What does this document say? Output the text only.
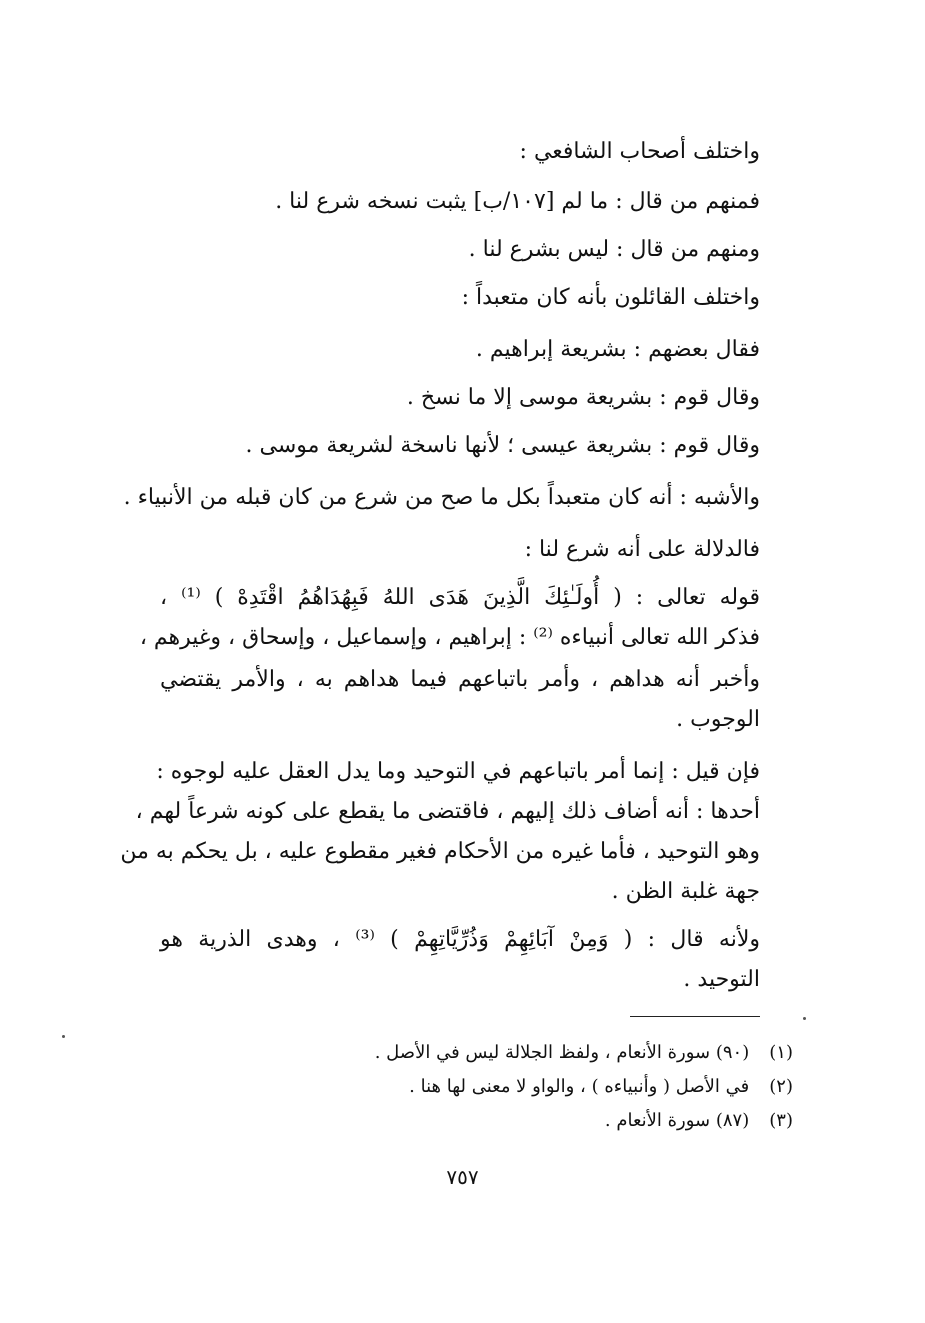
واختلف أصحاب الشافعي :
فمنهم من قال : ما لم [١٠٧/ب] يثبت نسخه شرع لنا .
ومنهم من قال : ليس بشرع لنا .
واختلف القائلون بأنه كان متعبداً :
فقال بعضهم : بشريعة إبراهيم .
وقال قوم : بشريعة موسى إلا ما نسخ .
وقال قوم : بشريعة عيسى ؛ لأنها ناسخة لشريعة موسى .
والأشبه : أنه كان متعبداً بكل ما صح من شرع من كان قبله من الأنبياء .
فالدلالة على أنه شرع لنا :
قوله تعالى : ( أُولَـٰئِكَ الَّذِينَ هَدَى اللهُ فَبِهُدَاهُمُ اقْتَدِهْ ) ⁽¹⁾ ،
فذكر الله تعالى أنبياءه ⁽²⁾ : إبراهيم ، وإسماعيل ، وإسحاق ، وغيرهم ،
وأخبر أنه هداهم ، وأمر باتباعهم فيما هداهم به ، والأمر يقتضي
الوجوب .
فإن قيل : إنما أمر باتباعهم في التوحيد وما يدل العقل عليه لوجوه :
أحدها : أنه أضاف ذلك إليهم ، فاقتضى ما يقطع على كونه شرعاً لهم ،
وهو التوحيد ، فأما غيره من الأحكام فغير مقطوع عليه ، بل يحكم به من
جهة غلبة الظن .
ولأنه قال : ( وَمِنْ آبَائِهِمْ وَذُرِّيَّاتِهِمْ ) ⁽³⁾ ، وهدى الذرية هو
التوحيد .
(١) (٩٠) سورة الأنعام ، ولفظ الجلالة ليس في الأصل .
(٢) في الأصل ( وأنبياءه ) ، والواو لا معنى لها هنا .
(٣) (٨٧) سورة الأنعام .
٧٥٧
